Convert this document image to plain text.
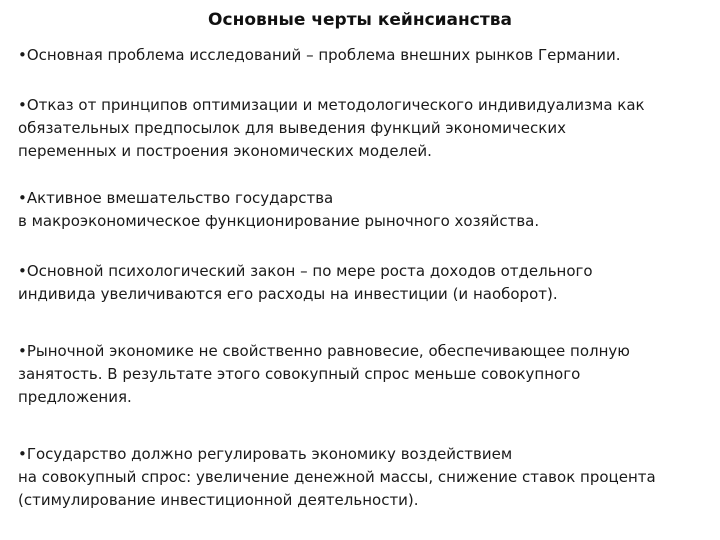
Основные черты кейнсианства
•Основная проблема исследований – проблема внешних рынков Германии.
•Отказ от принципов оптимизации и методологического индивидуализма как
обязательных предпосылок для выведения функций экономических
переменных и построения экономических моделей.
•Активное вмешательство государства
в макроэкономическое функционирование рыночного хозяйства.
•Основной психологический закон – по мере роста доходов отдельного
индивида увеличиваются его расходы на инвестиции (и наоборот).
•Рыночной экономике не свойственно равновесие, обеспечивающее полную
занятость. В результате этого совокупный спрос меньше совокупного
предложения.
•Государство должно регулировать экономику воздействием
на совокупный спрос: увеличение денежной массы, снижение ставок процента
(стимулирование инвестиционной деятельности).
